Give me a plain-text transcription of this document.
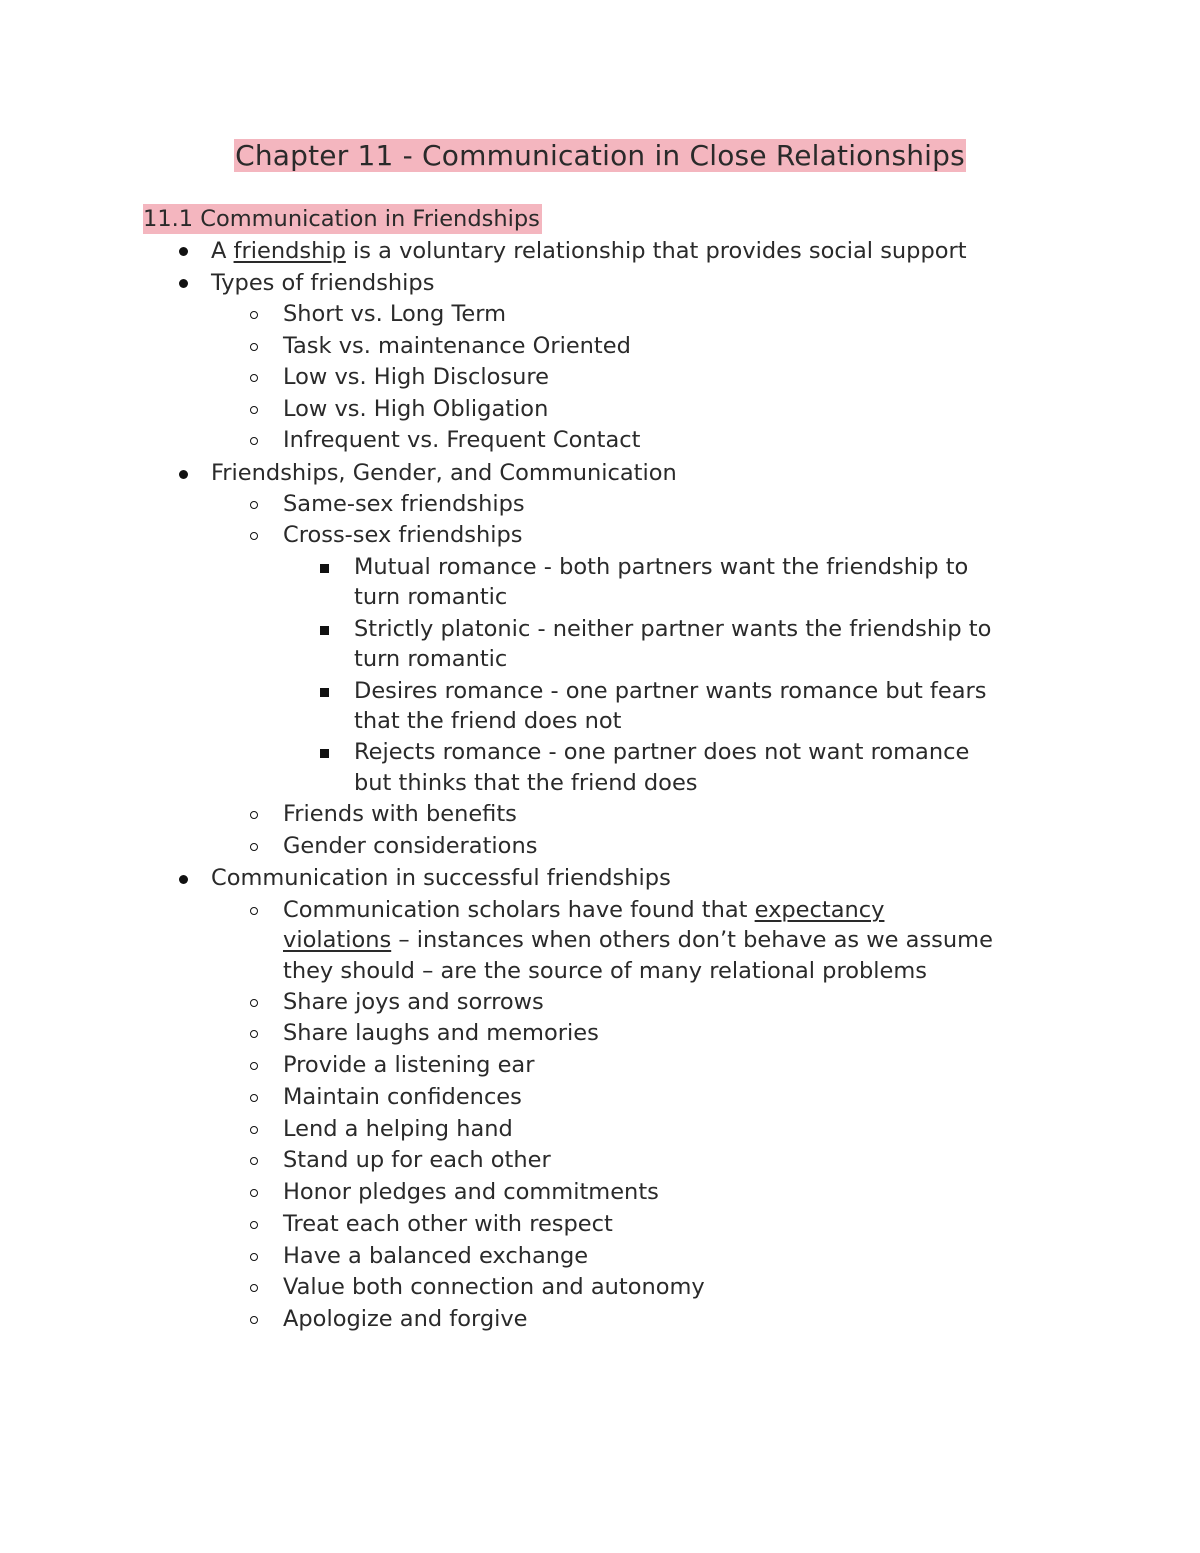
Chapter 11 - Communication in Close Relationships
11.1 Communication in Friendships
A friendship is a voluntary relationship that provides social support
Types of friendships
Short vs. Long Term
Task vs. maintenance Oriented
Low vs. High Disclosure
Low vs. High Obligation
Infrequent vs. Frequent Contact
Friendships, Gender, and Communication
Same-sex friendships
Cross-sex friendships
Mutual romance - both partners want the friendship to
turn romantic
Strictly platonic - neither partner wants the friendship to
turn romantic
Desires romance - one partner wants romance but fears
that the friend does not
Rejects romance - one partner does not want romance
but thinks that the friend does
Friends with benefits
Gender considerations
Communication in successful friendships
Communication scholars have found that expectancy
violations – instances when others don’t behave as we assume
they should – are the source of many relational problems
Share joys and sorrows
Share laughs and memories
Provide a listening ear
Maintain confidences
Lend a helping hand
Stand up for each other
Honor pledges and commitments
Treat each other with respect
Have a balanced exchange
Value both connection and autonomy
Apologize and forgive
